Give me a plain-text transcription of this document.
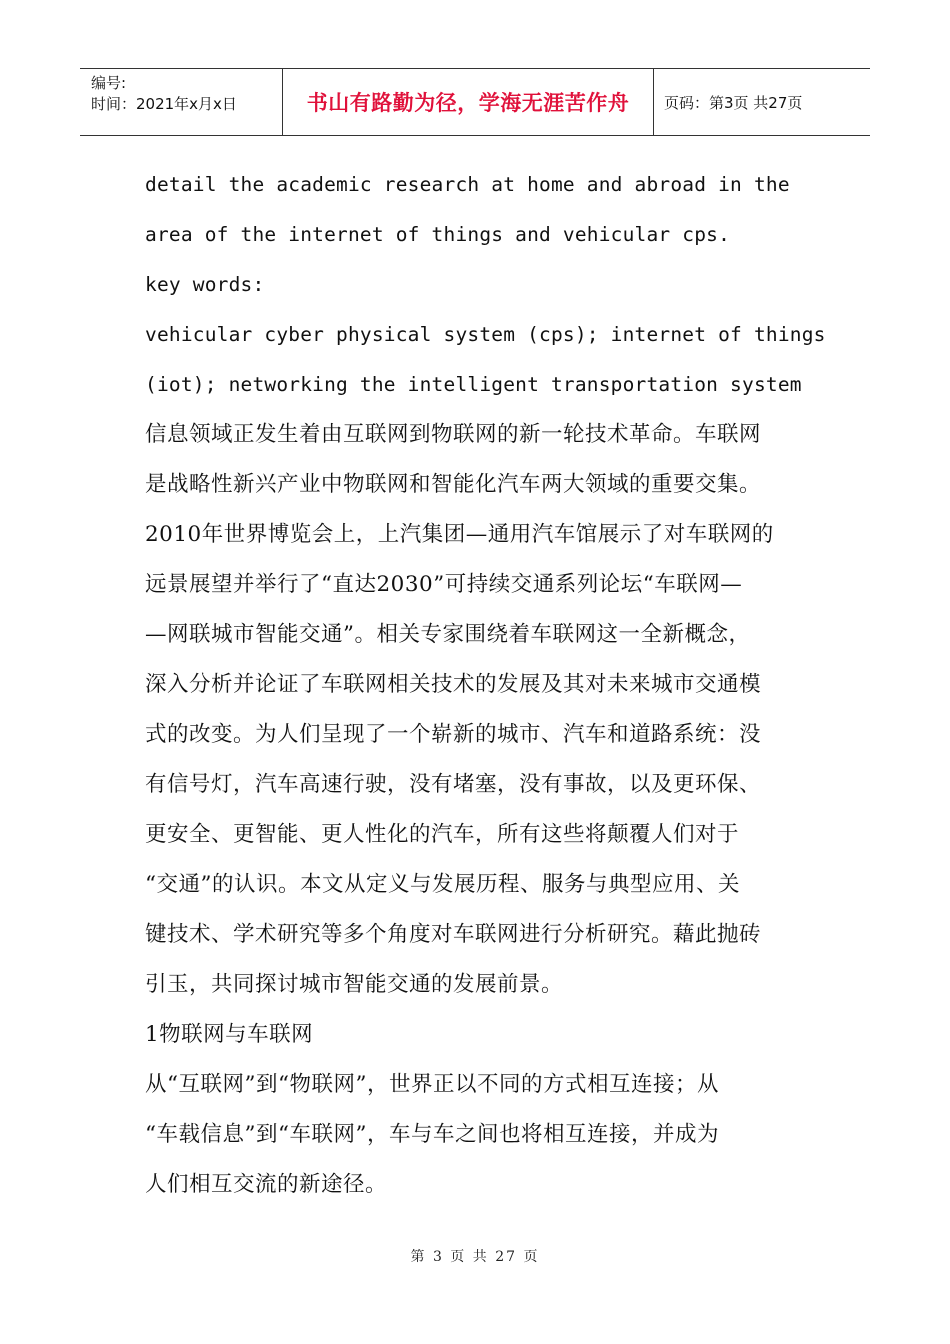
编号:
时间：2021年x月x日	书山有路勤为径，学海无涯苦作舟	页码：第3页 共27页
detail the academic research at home and abroad in the
area of the internet of things and vehicular cps.
key words:
vehicular cyber physical system (cps); internet of things
(iot); networking the intelligent transportation system
信息领域正发生着由互联网到物联网的新一轮技术革命。车联网
是战略性新兴产业中物联网和智能化汽车两大领域的重要交集。
2010年世界博览会上，上汽集团—通用汽车馆展示了对车联网的
远景展望并举行了“直达2030”可持续交通系列论坛“车联网—
—网联城市智能交通”。相关专家围绕着车联网这一全新概念，
深入分析并论证了车联网相关技术的发展及其对未来城市交通模
式的改变。为人们呈现了一个崭新的城市、汽车和道路系统：没
有信号灯，汽车高速行驶，没有堵塞，没有事故，以及更环保、
更安全、更智能、更人性化的汽车，所有这些将颠覆人们对于
“交通”的认识。本文从定义与发展历程、服务与典型应用、关
键技术、学术研究等多个角度对车联网进行分析研究。藉此抛砖
引玉，共同探讨城市智能交通的发展前景。
1物联网与车联网
从“互联网”到“物联网”，世界正以不同的方式相互连接；从
“车载信息”到“车联网”，车与车之间也将相互连接，并成为
人们相互交流的新途径。
第 3 页 共 27 页
